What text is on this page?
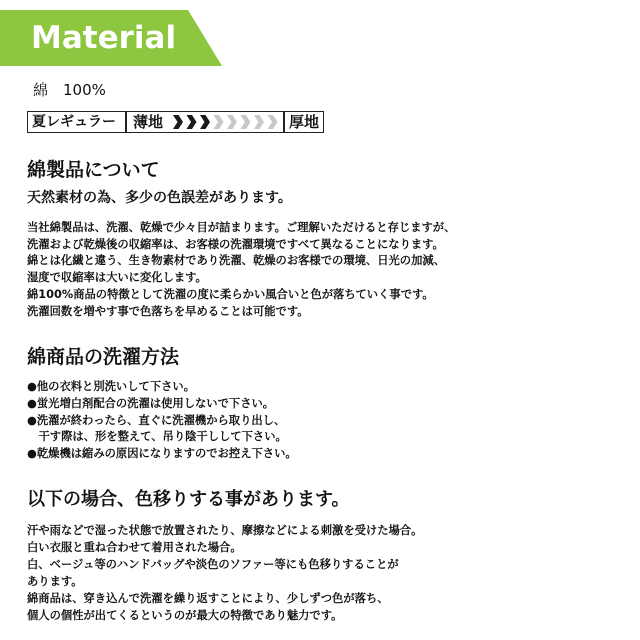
Material
綿　100%
夏レギュラー 薄地	厚地
綿製品について
天然素材の為、多少の色誤差があります。
当社綿製品は、洗濯、乾燥で少々目が詰まります。ご理解いただけると存じますが、
洗濯および乾燥後の収縮率は、お客様の洗濯環境ですべて異なることになります。
綿とは化繊と違う、生き物素材であり洗濯、乾燥のお客様での環境、日光の加減、
湿度で収縮率は大いに変化します。
綿100%商品の特徴として洗濯の度に柔らかい風合いと色が落ちていく事です。
洗濯回数を増やす事で色落ちを早めることは可能です。
綿商品の洗濯方法
●他の衣料と別洗いして下さい。
●蛍光増白剤配合の洗濯は使用しないで下さい。
●洗濯が終わったら、直ぐに洗濯機から取り出し、
干す際は、形を整えて、吊り陰干しして下さい。
●乾燥機は縮みの原因になりますのでお控え下さい。
以下の場合、色移りする事があります。
汗や雨などで湿った状態で放置されたり、摩擦などによる刺激を受けた場合。
白い衣服と重ね合わせて着用された場合。
白、ベージュ等のハンドバッグや淡色のソファー等にも色移りすることが
あります。
綿商品は、穿き込んで洗濯を繰り返すことにより、少しずつ色が落ち、
個人の個性が出てくるというのが最大の特徴であり魅力です。
